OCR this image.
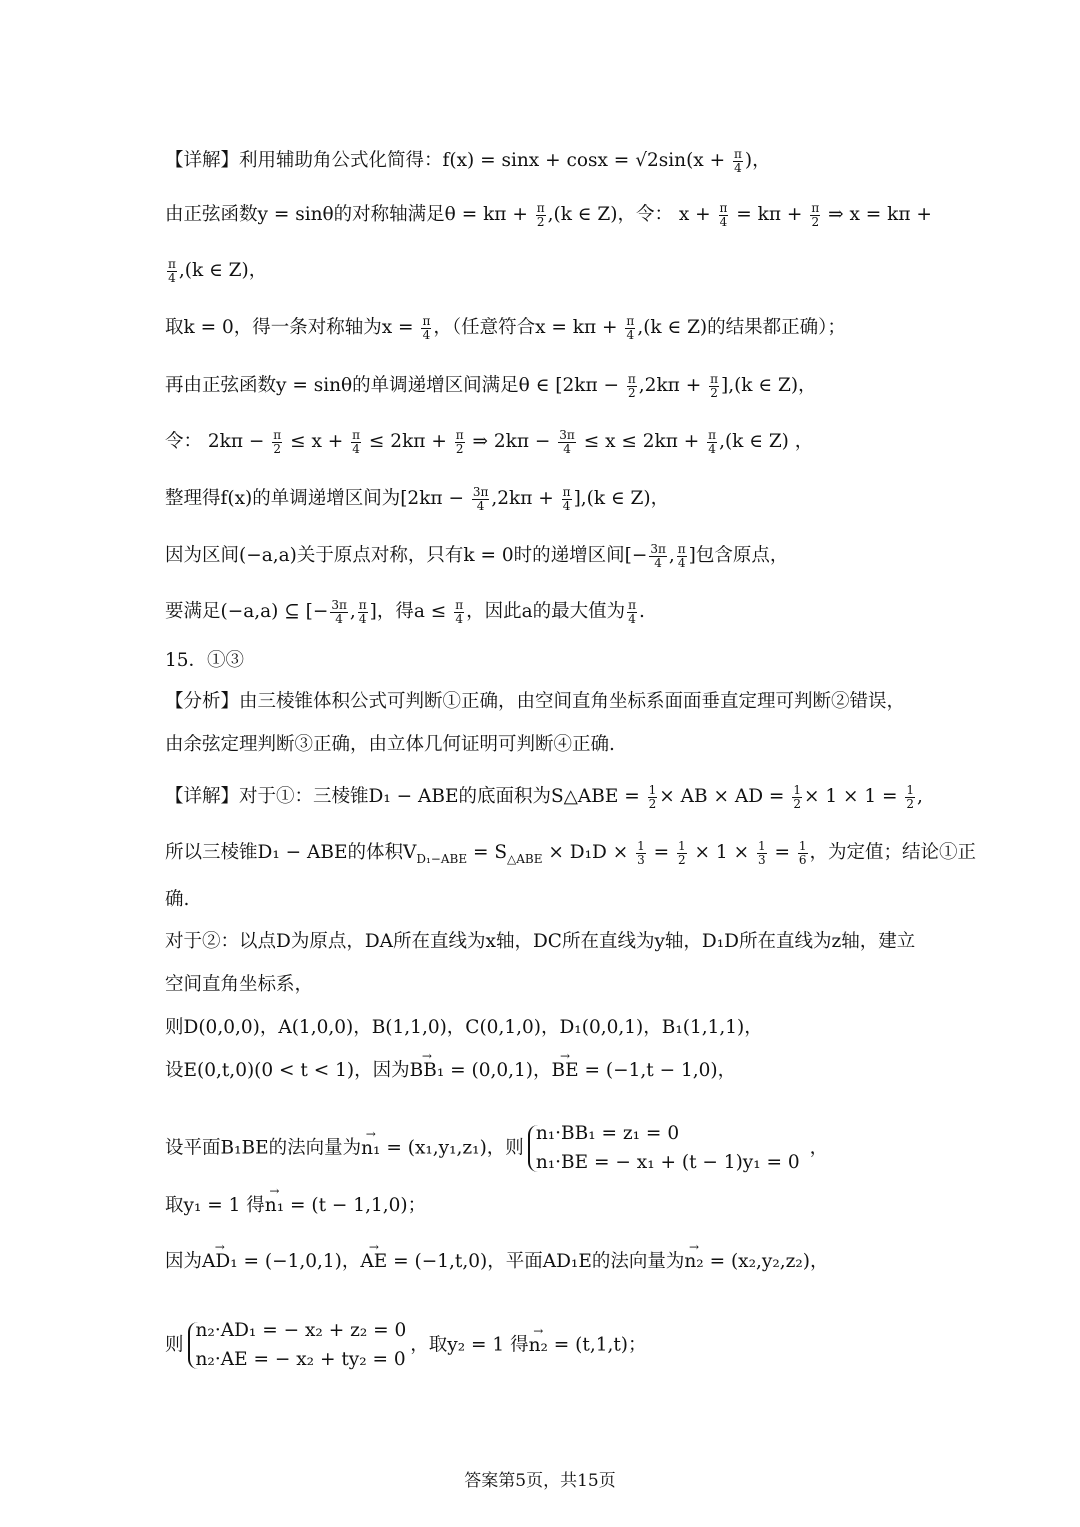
【详解】利用辅助角公式化简得：$f(x) = \sin x + \cos x = √2\sin(x + \frac{\pi}{4}$ )，
由正弦函数y = sinθ的对称轴满足$\theta = k\pi + \frac{\pi}{2} ,(k$ ∈ Z)，令： $x + \frac{\pi}{4} = k\pi + \frac{\pi}{2}$ ⇒ x = kπ +
$\frac{\pi}{4} ,(k$ ∈ Z)，
取k = 0，得一条对称轴为$x = \frac{\pi}{4}$ ，（任意符合$x = k\pi + \frac{\pi}{4} ,(k$ ∈ Z)的结果都正确）；
再由正弦函数y = sinθ的单调递增区间满足θ ∈ $[2k\pi - \frac{\pi}{2} ,2k\pi + \frac{\pi}{2} ],(k$ ∈ Z)，
令： $2k\pi - \frac{\pi}{2} \le x + \frac{\pi}{4} \le 2k\pi + \frac{\pi}{2}$ ⇒ $2k\pi - \frac{3\pi}{4} \le x \le 2k\pi + \frac{\pi}{4} ,(k$ ∈ Z) ，
整理得f(x)的单调递增区间为$[2k\pi - \frac{3\pi}{4} ,2k\pi + \frac{\pi}{4} ],(k$ ∈ Z)，
因为区间(−a,a)关于原点对称，只有k = 0时的递增区间[− $\frac{3\pi}{4}$ , $\frac{\pi}{4}$ ]包含原点，
要满足(−a,a) ⊆ [− $\frac{3\pi}{4}$ , $\frac{\pi}{4}$ ]，得$a \le \frac{\pi}{4}$ ，因此a的最大值为 $\frac{\pi}{4}$ .
15．①③
【分析】由三棱锥体积公式可判断①正确，由空间直角坐标系面面垂直定理可判断②错误，
由余弦定理判断③正确，由立体几何证明可判断④正确.
【详解】对于①：三棱锥D₁ − ABE的底面积为S△ABE = $\frac{1}{2}$ × AB × AD = $\frac{1}{2} \times 1 \times 1 = \frac{1}{2}$ ,
所以三棱锥D₁ − ABE的体积$V_{D_1-ABE} = S_{\triangle ABE} \times D_1D \times \frac{1}{3} = \frac{1}{2} \times 1 \times \frac{1}{3} = \frac{1}{6}$ ，为定值；结论①正
确.
对于②：以点D为原点，DA所在直线为x轴，DC所在直线为y轴，D₁D所在直线为z轴，建立
空间直角坐标系，
则D(0,0,0)，A(1,0,0)，B(1,1,0)，C(0,1,0)，D₁(0,0,1)，B₁(1,1,1)，
设E(0,t,0)(0 < t < 1)，因为→ BB₁ = (0,0,1)，→ BE = (−1,t − 1,0)，
设平面B₁BE的法向量为→ n₁ = (x₁,y₁,z₁)，则
n₁·BB₁ = z₁ = 0
n₁·BE = − x₁ + (t − 1)y₁ = 0
，
取y₁ = 1 得→ n₁ = (t − 1,1,0)；
因为→ AD₁ = (−1,0,1)，→ AE = (−1,t,0)，平面AD₁E的法向量为→ n₂ = (x₂,y₂,z₂)，
则
n₂·AD₁ = − x₂ + z₂ = 0
n₂·AE = − x₂ + ty₂ = 0
，取y₂ = 1 得→ n₂ = (t,1,t)；
答案第5页，共15页
